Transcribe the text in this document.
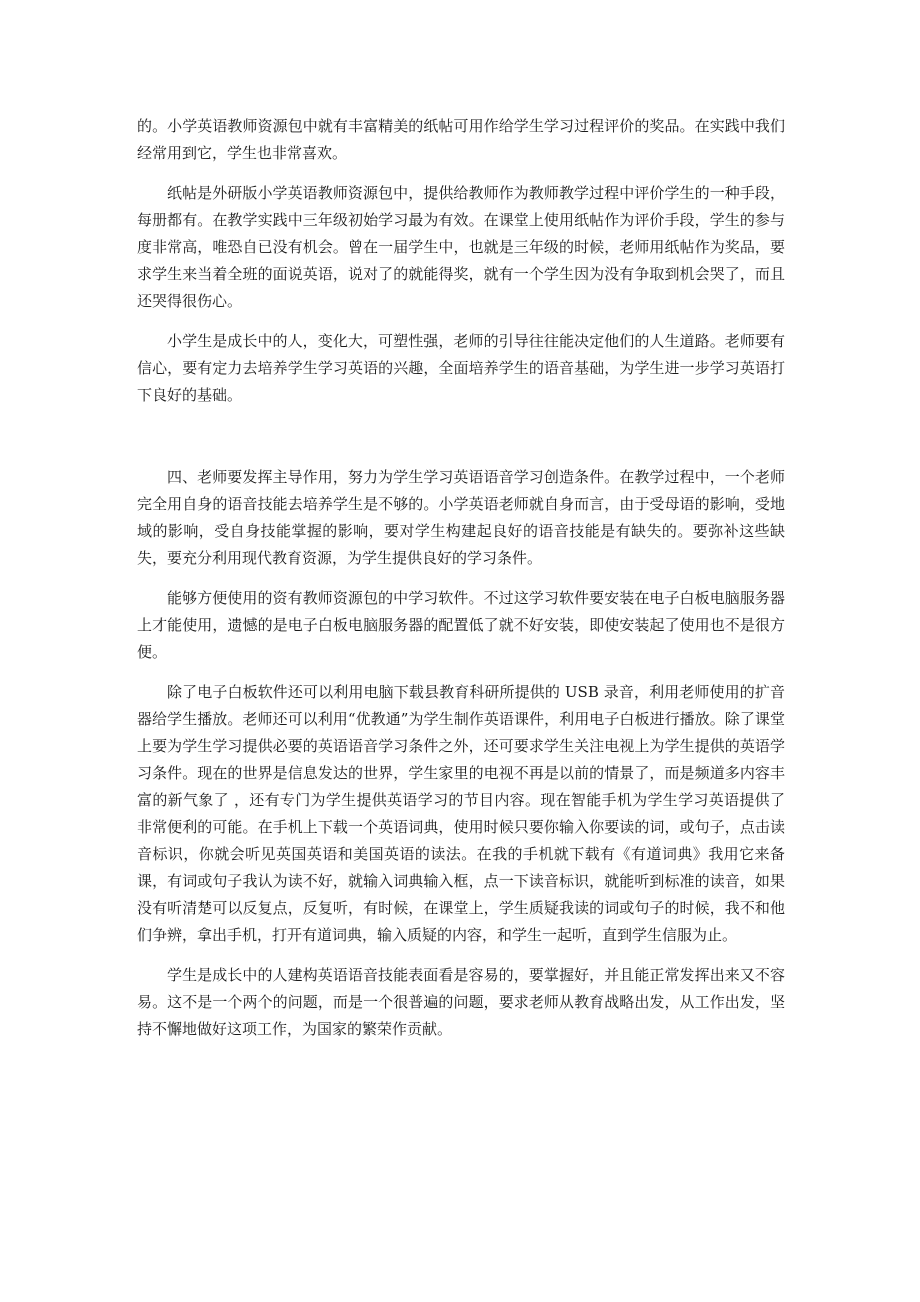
的。小学英语教师资源包中就有丰富精美的纸帖可用作给学生学习过程评价的奖品。在实践中我们经常用到它，学生也非常喜欢。

纸帖是外研版小学英语教师资源包中，提供给教师作为教师教学过程中评价学生的一种手段，每册都有。在教学实践中三年级初始学习最为有效。在课堂上使用纸帖作为评价手段，学生的参与度非常高，唯恐自已没有机会。曾在一届学生中，也就是三年级的时候，老师用纸帖作为奖品，要求学生来当着全班的面说英语，说对了的就能得奖，就有一个学生因为没有争取到机会哭了，而且还哭得很伤心。

小学生是成长中的人，变化大，可塑性强，老师的引导往往能决定他们的人生道路。老师要有信心，要有定力去培养学生学习英语的兴趣，全面培养学生的语音基础，为学生进一步学习英语打下良好的基础。

四、老师要发挥主导作用，努力为学生学习英语语音学习创造条件。在教学过程中，一个老师完全用自身的语音技能去培养学生是不够的。小学英语老师就自身而言，由于受母语的影响，受地域的影响，受自身技能掌握的影响，要对学生构建起良好的语音技能是有缺失的。要弥补这些缺失，要充分利用现代教育资源，为学生提供良好的学习条件。

能够方便使用的资有教师资源包的中学习软件。不过这学习软件要安装在电子白板电脑服务器上才能使用，遗憾的是电子白板电脑服务器的配置低了就不好安装，即使安装起了使用也不是很方便。

除了电子白板软件还可以利用电脑下载县教育科研所提供的 USB 录音，利用老师使用的扩音器给学生播放。老师还可以利用“优教通”为学生制作英语课件，利用电子白板进行播放。除了课堂上要为学生学习提供必要的英语语音学习条件之外，还可要求学生关注电视上为学生提供的英语学习条件。现在的世界是信息发达的世界，学生家里的电视不再是以前的情景了，而是频道多内容丰富的新气象了 ，还有专门为学生提供英语学习的节目内容。现在智能手机为学生学习英语提供了非常便利的可能。在手机上下载一个英语词典，使用时候只要你输入你要读的词，或句子，点击读音标识，你就会听见英国英语和美国英语的读法。在我的手机就下载有《有道词典》我用它来备课，有词或句子我认为读不好，就输入词典输入框，点一下读音标识，就能听到标准的读音，如果没有听清楚可以反复点，反复听，有时候，在课堂上，学生质疑我读的词或句子的时候，我不和他们争辨，拿出手机，打开有道词典，输入质疑的内容，和学生一起听，直到学生信服为止。

学生是成长中的人建构英语语音技能表面看是容易的，要掌握好，并且能正常发挥出来又不容易。这不是一个两个的问题，而是一个很普遍的问题，要求老师从教育战略出发，从工作出发，坚持不懈地做好这项工作，为国家的繁荣作贡献。
